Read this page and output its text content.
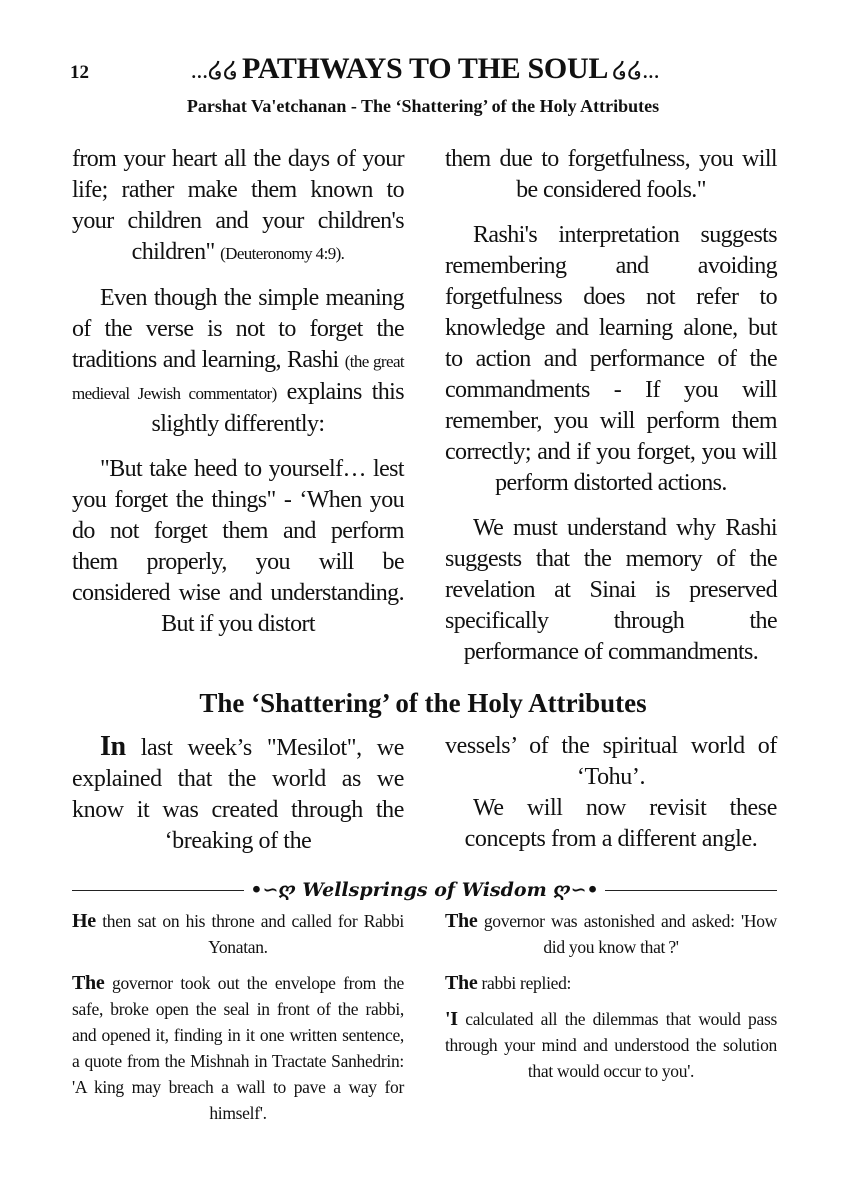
12	...໒໒ PATHWAYS TO THE SOUL ໒໒...
Parshat Va'etchanan - The ‘Shattering’ of the Holy Attributes

from your heart all the days of your life; rather make them known to your children and your children's children" (Deuteronomy 4:9).

Even though the simple meaning of the verse is not to forget the traditions and learning, Rashi (the great medieval Jewish commentator) explains this slightly differently:

"But take heed to yourself… lest you forget the things" - ‘When you do not forget them and perform them properly, you will be considered wise and understanding. But if you distort

them due to forgetfulness, you will be considered fools."

Rashi's interpretation suggests remembering and avoiding forgetfulness does not refer to knowledge and learning alone, but to action and performance of the commandments - If you will remember, you will perform them correctly; and if you forget, you will perform distorted actions.

We must understand why Rashi suggests that the memory of the revelation at Sinai is preserved specifically through the performance of commandments.

The ‘Shattering’ of the Holy Attributes

In last week’s "Mesilot", we explained that the world as we know it was created through the ‘breaking of the

vessels’ of the spiritual world of ‘Tohu’.

We will now revisit these concepts from a different angle.

•∽ღ Wellsprings of Wisdom ღ∽•

He then sat on his throne and called for Rabbi Yonatan.

The governor took out the envelope from the safe, broke open the seal in front of the rabbi, and opened it, finding in it one written sentence, a quote from the Mishnah in Tractate Sanhedrin: 'A king may breach a wall to pave a way for himself'.

The governor was astonished and asked: 'How did you know that ?'

The rabbi replied:

'I calculated all the dilemmas that would pass through your mind and understood the solution that would occur to you'.
